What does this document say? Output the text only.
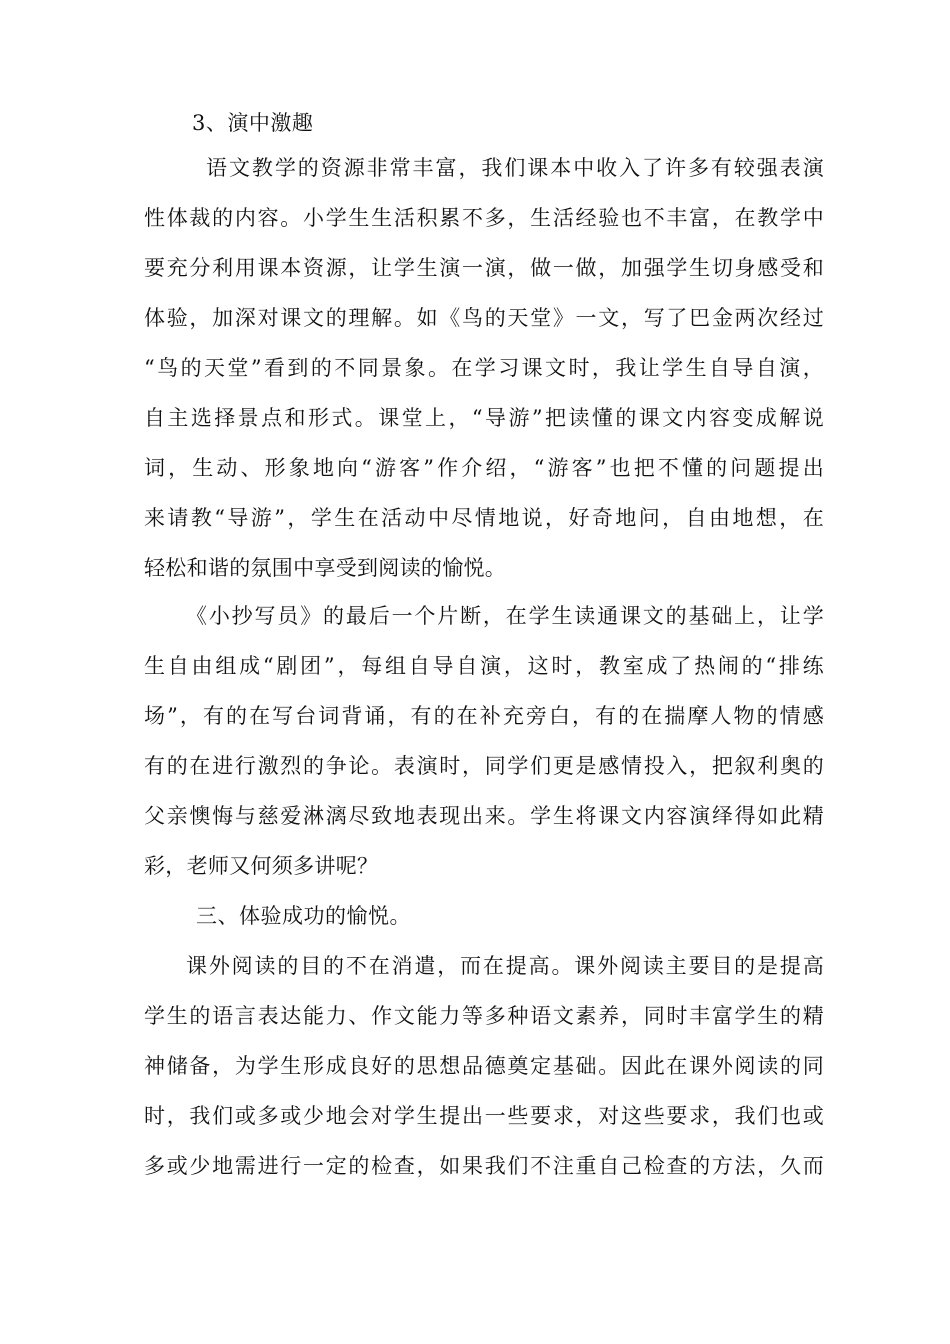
3、演中激趣
语文教学的资源非常丰富，我们课本中收入了许多有较强表演
性体裁的内容。小学生生活积累不多，生活经验也不丰富，在教学中
要充分利用课本资源，让学生演一演，做一做，加强学生切身感受和
体验，加深对课文的理解。如《鸟的天堂》一文，写了巴金两次经过
“鸟的天堂”看到的不同景象。在学习课文时，我让学生自导自演，
自主选择景点和形式。课堂上，“导游”把读懂的课文内容变成解说
词，生动、形象地向“游客”作介绍，“游客”也把不懂的问题提出
来请教“导游”，学生在活动中尽情地说，好奇地问，自由地想，在
轻松和谐的氛围中享受到阅读的愉悦。
《小抄写员》的最后一个片断，在学生读通课文的基础上，让学
生自由组成“剧团”，每组自导自演，这时，教室成了热闹的“排练
场”，有的在写台词背诵，有的在补充旁白，有的在揣摩人物的情感
有的在进行激烈的争论。表演时，同学们更是感情投入，把叙利奥的
父亲懊悔与慈爱淋漓尽致地表现出来。学生将课文内容演绎得如此精
彩，老师又何须多讲呢？
三、体验成功的愉悦。
课外阅读的目的不在消遣，而在提高。课外阅读主要目的是提高
学生的语言表达能力、作文能力等多种语文素养，同时丰富学生的精
神储备，为学生形成良好的思想品德奠定基础。因此在课外阅读的同
时，我们或多或少地会对学生提出一些要求，对这些要求，我们也或
多或少地需进行一定的检查，如果我们不注重自己检查的方法，久而
